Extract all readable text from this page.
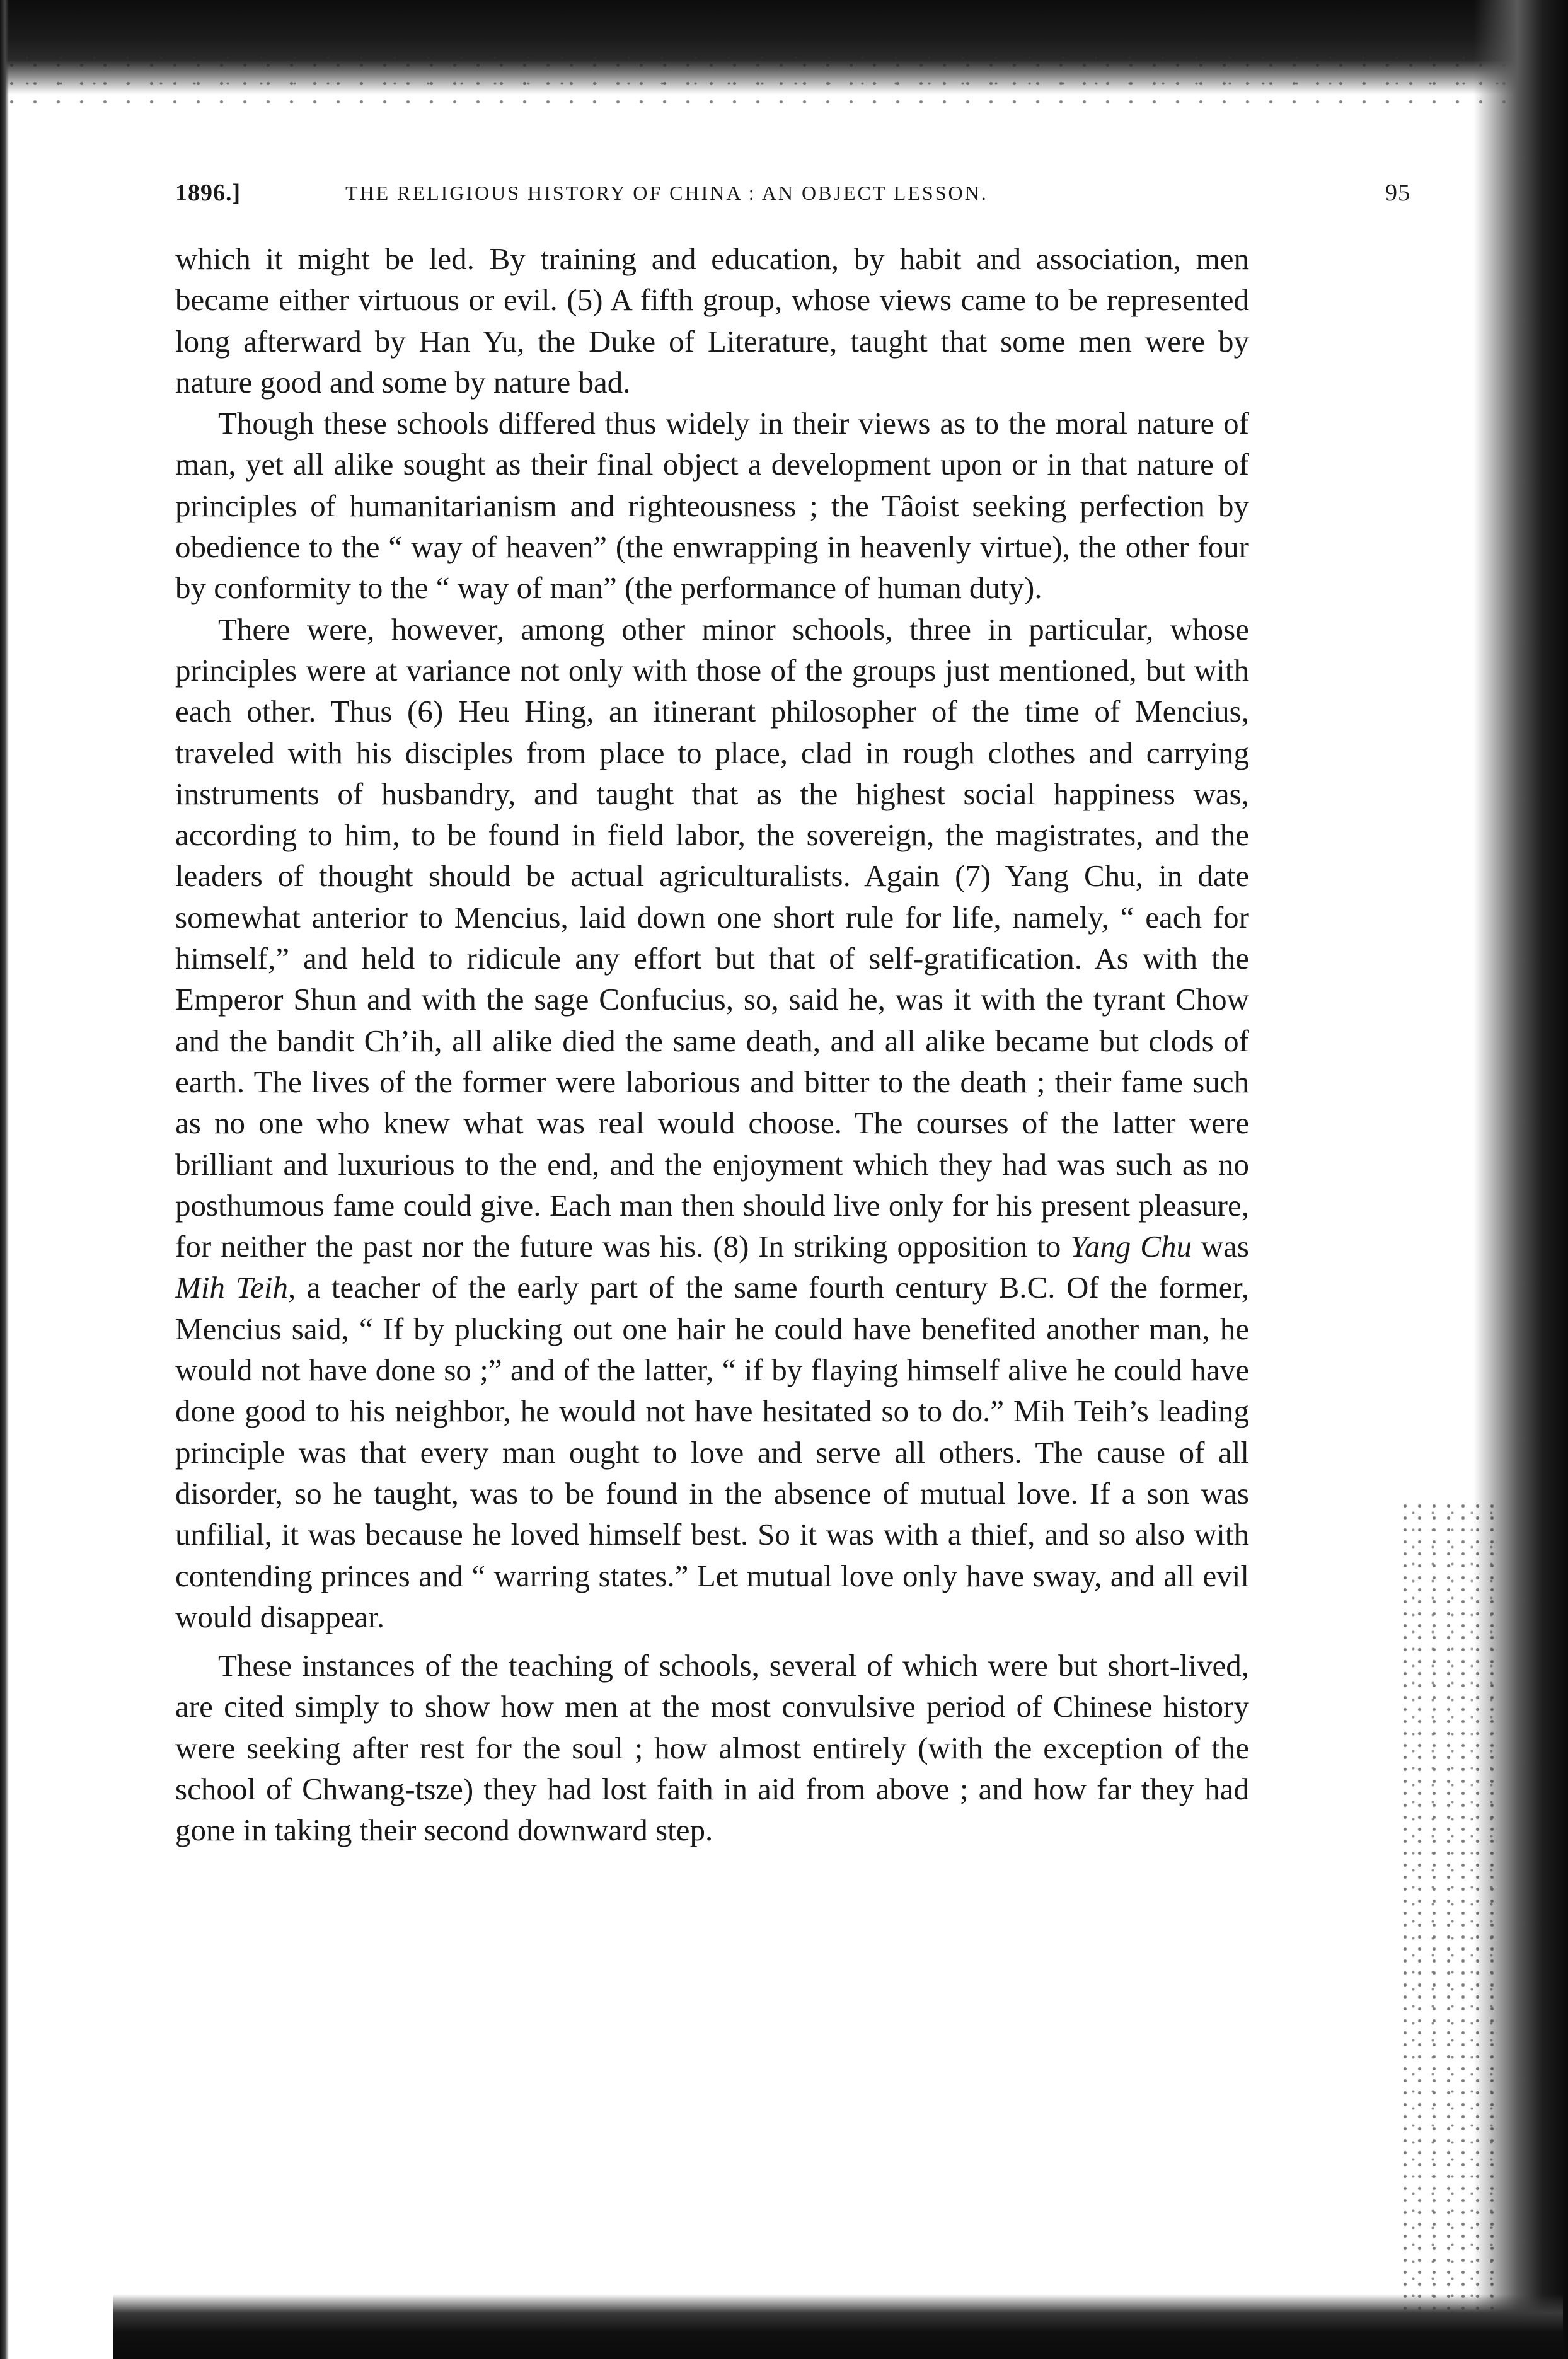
1896.]	THE RELIGIOUS HISTORY OF CHINA : AN OBJECT LESSON.	95

which it might be led. By training and education, by habit and association, men became either virtuous or evil. (5) A fifth group, whose views came to be represented long afterward by Han Yu, the Duke of Literature, taught that some men were by nature good and some by nature bad.

Though these schools differed thus widely in their views as to the moral nature of man, yet all alike sought as their final object a development upon or in that nature of principles of humanitarianism and righteousness ; the Tâoist seeking perfection by obedience to the “ way of heaven” (the enwrapping in heavenly virtue), the other four by conformity to the “ way of man” (the performance of human duty).

There were, however, among other minor schools, three in particular, whose principles were at variance not only with those of the groups just mentioned, but with each other. Thus (6) Heu Hing, an itinerant philosopher of the time of Mencius, traveled with his disciples from place to place, clad in rough clothes and carrying instruments of husbandry, and taught that as the highest social happiness was, according to him, to be found in field labor, the sovereign, the magistrates, and the leaders of thought should be actual agriculturalists. Again (7) Yang Chu, in date somewhat anterior to Mencius, laid down one short rule for life, namely, “ each for himself,” and held to ridicule any effort but that of self-gratification. As with the Emperor Shun and with the sage Confucius, so, said he, was it with the tyrant Chow and the bandit Ch’ih, all alike died the same death, and all alike became but clods of earth. The lives of the former were laborious and bitter to the death ; their fame such as no one who knew what was real would choose. The courses of the latter were brilliant and luxurious to the end, and the enjoyment which they had was such as no posthumous fame could give. Each man then should live only for his present pleasure, for neither the past nor the future was his. (8) In striking opposition to Yang Chu was Mih Teih, a teacher of the early part of the same fourth century B.C. Of the former, Mencius said, “ If by plucking out one hair he could have benefited another man, he would not have done so ;” and of the latter, “ if by flaying himself alive he could have done good to his neighbor, he would not have hesitated so to do.” Mih Teih’s leading principle was that every man ought to love and serve all others. The cause of all disorder, so he taught, was to be found in the absence of mutual love. If a son was unfilial, it was because he loved himself best. So it was with a thief, and so also with contending princes and “ warring states.” Let mutual love only have sway, and all evil would disappear.

These instances of the teaching of schools, several of which were but short-lived, are cited simply to show how men at the most convulsive period of Chinese history were seeking after rest for the soul ; how almost entirely (with the exception of the school of Chwang-tsze) they had lost faith in aid from above ; and how far they had gone in taking their second downward step.
